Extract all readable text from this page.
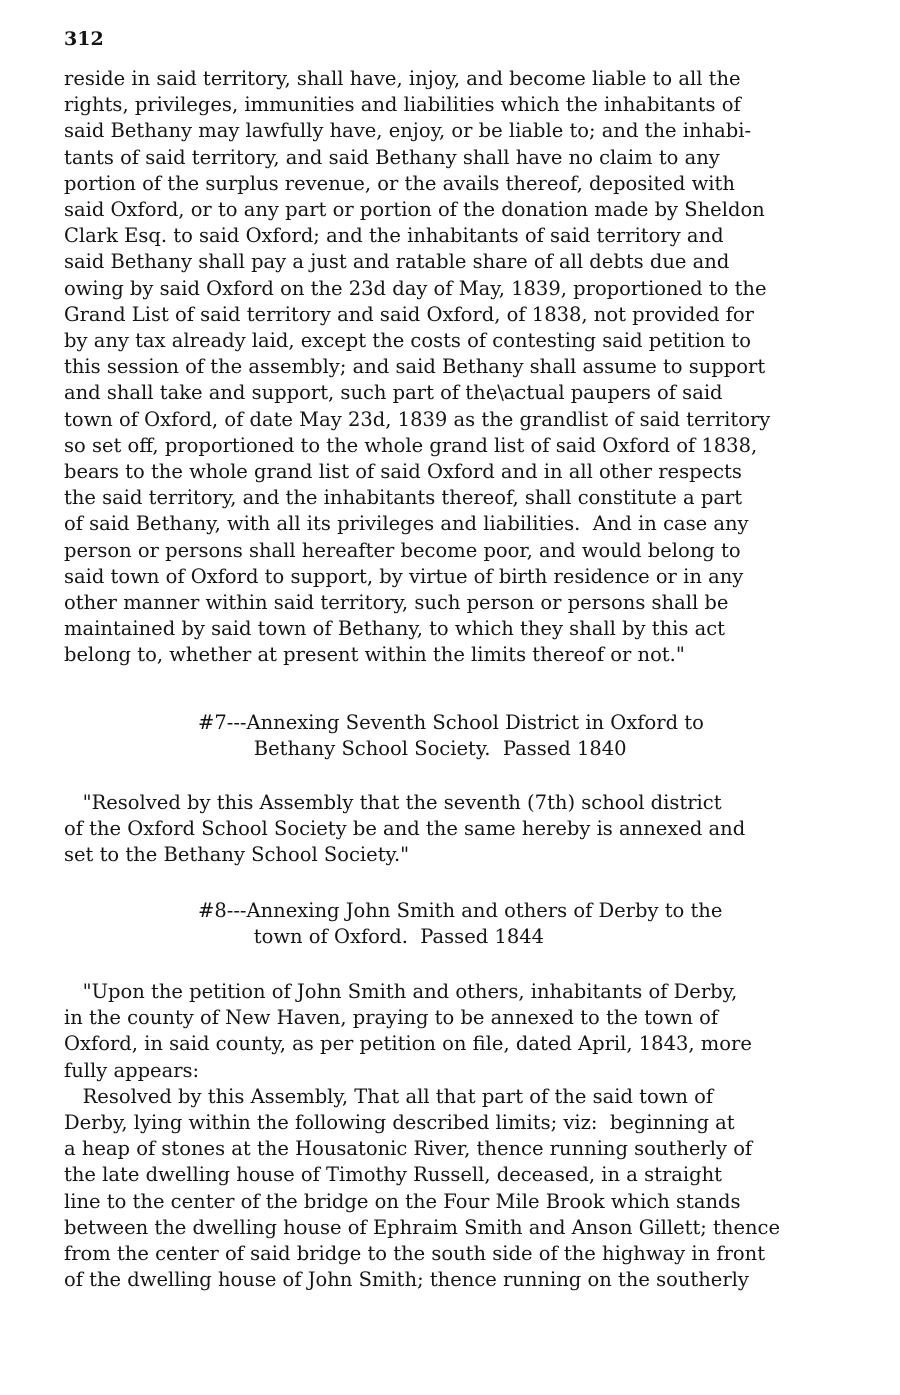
312
reside in said territory, shall have, injoy, and become liable to all the
rights, privileges, immunities and liabilities which the inhabitants of
said Bethany may lawfully have, enjoy, or be liable to; and the inhabi-
tants of said territory, and said Bethany shall have no claim to any
portion of the surplus revenue, or the avails thereof, deposited with
said Oxford, or to any part or portion of the donation made by Sheldon
Clark Esq. to said Oxford; and the inhabitants of said territory and
said Bethany shall pay a just and ratable share of all debts due and
owing by said Oxford on the 23d day of May, 1839, proportioned to the
Grand List of said territory and said Oxford, of 1838, not provided for
by any tax already laid, except the costs of contesting said petition to
this session of the assembly; and said Bethany shall assume to support
and shall take and support, such part of the\actual paupers of said
town of Oxford, of date May 23d, 1839 as the grandlist of said territory
so set off, proportioned to the whole grand list of said Oxford of 1838,
bears to the whole grand list of said Oxford and in all other respects
the said territory, and the inhabitants thereof, shall constitute a part
of said Bethany, with all its privileges and liabilities.  And in case any
person or persons shall hereafter become poor, and would belong to
said town of Oxford to support, by virtue of birth residence or in any
other manner within said territory, such person or persons shall be
maintained by said town of Bethany, to which they shall by this act
belong to, whether at present within the limits thereof or not."
#7---Annexing Seventh School District in Oxford to
Bethany School Society.  Passed 1840
"Resolved by this Assembly that the seventh (7th) school district
of the Oxford School Society be and the same hereby is annexed and
set to the Bethany School Society."
#8---Annexing John Smith and others of Derby to the
town of Oxford.  Passed 1844
"Upon the petition of John Smith and others, inhabitants of Derby,
in the county of New Haven, praying to be annexed to the town of
Oxford, in said county, as per petition on file, dated April, 1843, more
fully appears:
Resolved by this Assembly, That all that part of the said town of
Derby, lying within the following described limits; viz:  beginning at
a heap of stones at the Housatonic River, thence running southerly of
the late dwelling house of Timothy Russell, deceased, in a straight
line to the center of the bridge on the Four Mile Brook which stands
between the dwelling house of Ephraim Smith and Anson Gillett; thence
from the center of said bridge to the south side of the highway in front
of the dwelling house of John Smith; thence running on the southerly
